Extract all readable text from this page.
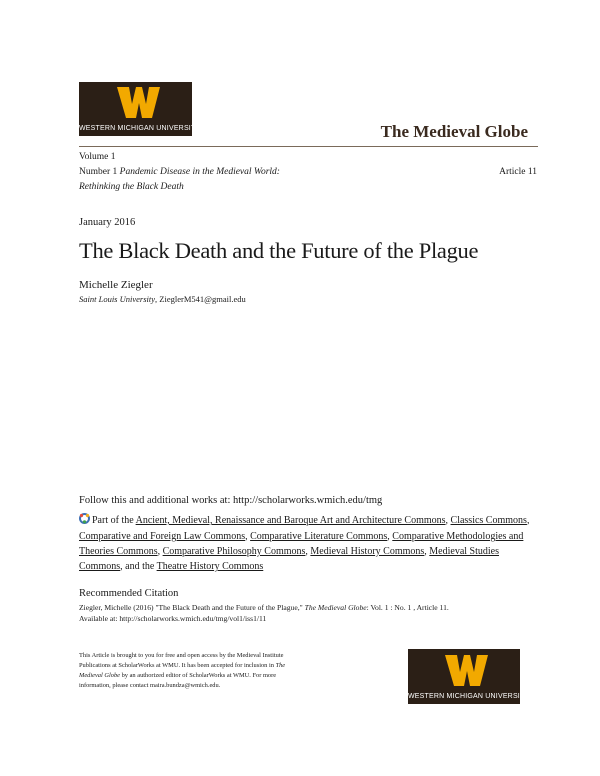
WESTERN MICHIGAN UNIVERSITY	The Medieval Globe
Volume 1
Number 1 Pandemic Disease in the Medieval World:
Rethinking the Black Death
Article 11
January 2016
The Black Death and the Future of the Plague
Michelle Ziegler
Saint Louis University, ZieglerM541@gmail.edu
Follow this and additional works at: http://scholarworks.wmich.edu/tmg
Part of the Ancient, Medieval, Renaissance and Baroque Art and Architecture Commons, Classics Commons, Comparative and Foreign Law Commons, Comparative Literature Commons, Comparative Methodologies and Theories Commons, Comparative Philosophy Commons, Medieval History Commons, Medieval Studies Commons, and the Theatre History Commons
Recommended Citation
Ziegler, Michelle (2016) "The Black Death and the Future of the Plague," The Medieval Globe: Vol. 1 : No. 1 , Article 11.
Available at: http://scholarworks.wmich.edu/tmg/vol1/iss1/11
This Article is brought to you for free and open access by the Medieval Institute Publications at ScholarWorks at WMU. It has been accepted for inclusion in The Medieval Globe by an authorized editor of ScholarWorks at WMU. For more information, please contact maira.bundza@wmich.edu.
WESTERN MICHIGAN UNIVERSITY
